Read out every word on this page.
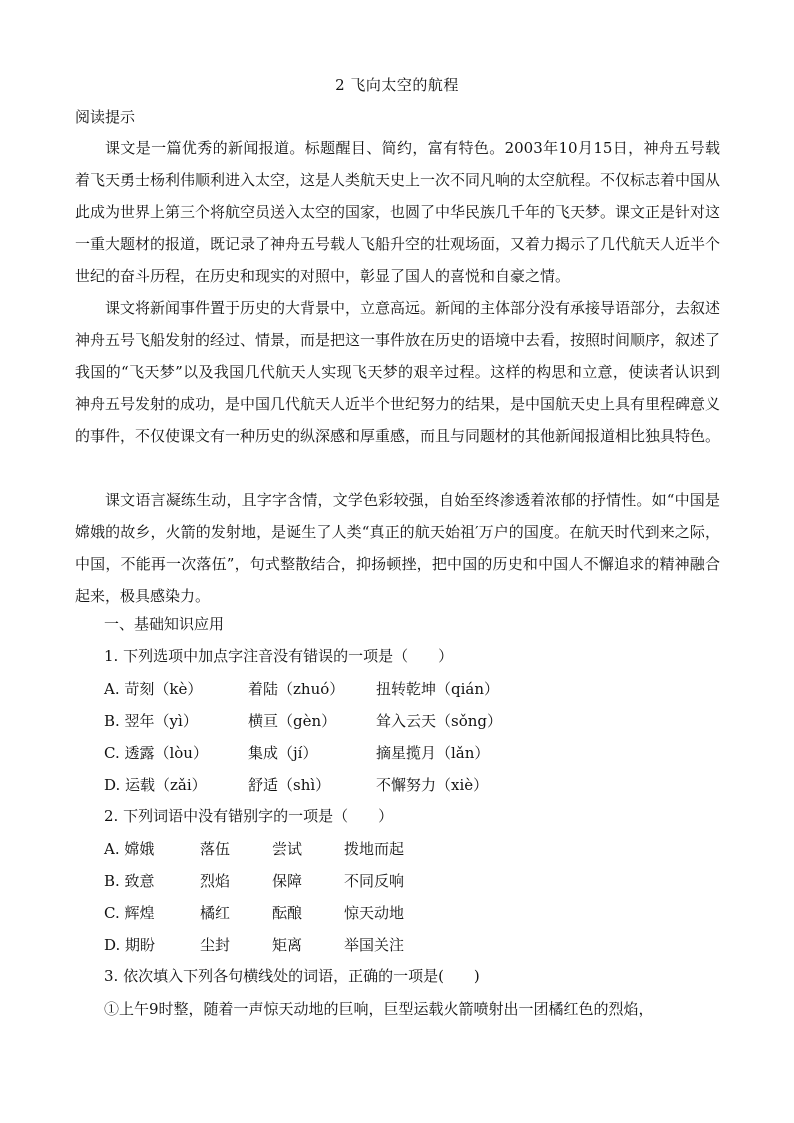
2 飞向太空的航程
阅读提示

课文是一篇优秀的新闻报道。标题醒目、简约，富有特色。2003年10月15日，神舟五号载着飞天勇士杨利伟顺利进入太空，这是人类航天史上一次不同凡响的太空航程。不仅标志着中国从此成为世界上第三个将航空员送入太空的国家，也圆了中华民族几千年的飞天梦。课文正是针对这一重大题材的报道，既记录了神舟五号载人飞船升空的壮观场面，又着力揭示了几代航天人近半个世纪的奋斗历程，在历史和现实的对照中，彰显了国人的喜悦和自豪之情。

课文将新闻事件置于历史的大背景中，立意高远。新闻的主体部分没有承接导语部分，去叙述神舟五号飞船发射的经过、情景，而是把这一事件放在历史的语境中去看，按照时间顺序，叙述了我国的“飞天梦”以及我国几代航天人实现飞天梦的艰辛过程。这样的构思和立意，使读者认识到神舟五号发射的成功，是中国几代航天人近半个世纪努力的结果，是中国航天史上具有里程碑意义的事件，不仅使课文有一种历史的纵深感和厚重感，而且与同题材的其他新闻报道相比独具特色。

课文语言凝练生动，且字字含情，文学色彩较强，自始至终渗透着浓郁的抒情性。如“中国是嫦娥的故乡，火箭的发射地，是诞生了人类“真正的航天始祖′万户的国度。在航天时代到来之际，中国，不能再一次落伍”，句式整散结合，抑扬顿挫，把中国的历史和中国人不懈追求的精神融合起来，极具感染力。

一、基础知识应用
1. 下列选项中加点字注音没有错误的一项是（　　）
A. 苛刻（kè）	着陆（zhuó） 扭转乾坤（qián）
B. 翌年（yì）	横亘（gèn）	耸入云天（sǒng）
C. 透露（lòu）	集成（jí）	摘星揽月（lǎn）
D. 运载（zǎi）	舒适（shì）	不懈努力（xiè）
2. 下列词语中没有错别字的一项是（　　）
A. 嫦娥	落伍	尝试	拨地而起
B. 致意	烈焰	保障	不同反响
C. 辉煌	橘红	酝酿	惊天动地
D. 期盼	尘封	矩离	举国关注
3. 依次填入下列各句横线处的词语，正确的一项是(　　)
①上午9时整，随着一声惊天动地的巨响，巨型运载火箭喷射出一团橘红色的烈焰，
